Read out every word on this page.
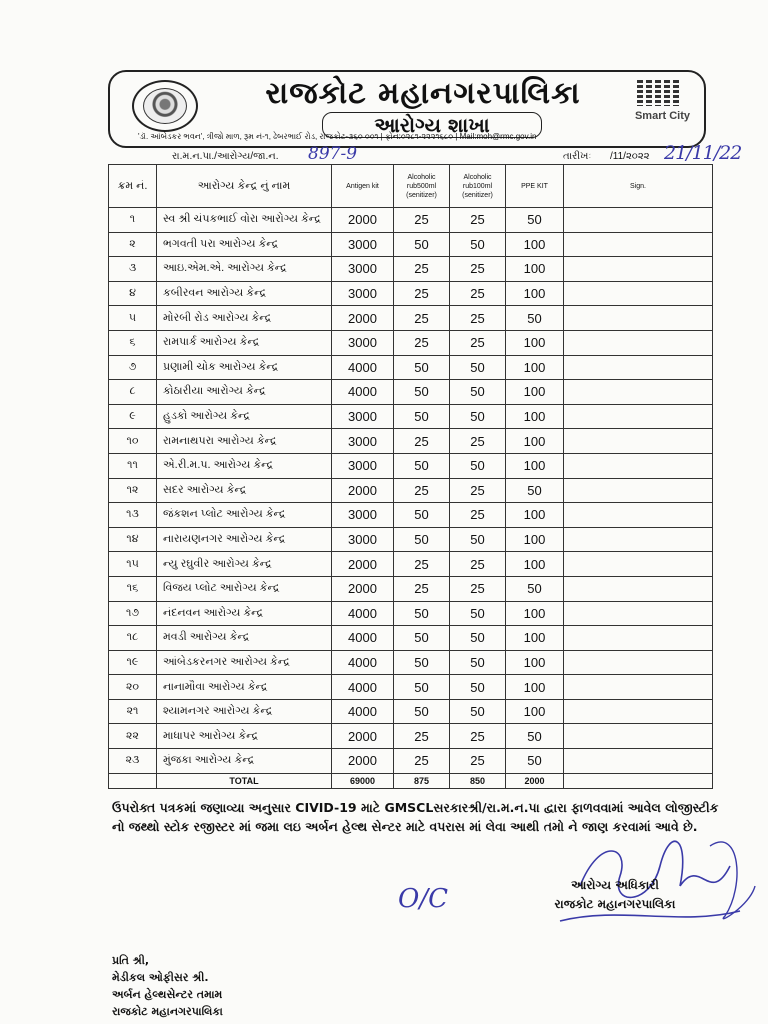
રાજકોટ મહાનગરપાલિકા
આરોગ્ય શાખા	Smart City
'ડૉ. આંબેડકર ભવન', ત્રીજો માળ, રૂમ નં-૧, ઢેબરભાઈ રોડ, રાજકોટ-૩૬૦ ૦૦૧ | ફોન:૦૨૮૧-૨૨૨૧૬૮૦ | Mail:moh@rmc.gov.in
રા.મ.ન.પા./આરોગ્ય/જા.ન. 897-9	તારીખઃ /11/૨૦૨૨ 21/11/22
ક્રમ નં.	આરોગ્ય કેન્દ્ર નું નામ	Antigen kit	Alcoholic rub500ml (senitizer)	Alcoholic rub100ml (senitizer)	PPE KIT	Sign.
૧	સ્વ શ્રી ચંપકભાઈ વોરા આરોગ્ય કેન્દ્ર	2000	25	25	50	
૨	ભગવતી પરા આરોગ્ય કેન્દ્ર	3000	50	50	100	
૩	આઇ.એમ.એ. આરોગ્ય કેન્દ્ર	3000	25	25	100	
૪	કબીરવન આરોગ્ય કેન્દ્ર	3000	25	25	100	
૫	મોરબી રોડ આરોગ્ય કેન્દ્ર	2000	25	25	50	
૬	રામપાર્ક આરોગ્ય કેન્દ્ર	3000	25	25	100	
૭	પ્રણામી ચોક આરોગ્ય કેન્દ્ર	4000	50	50	100	
૮	કોઠારીયા આરોગ્ય કેન્દ્ર	4000	50	50	100	
૯	હુડકો આરોગ્ય કેન્દ્ર	3000	50	50	100	
૧૦	રામનાથપરા આરોગ્ય કેન્દ્ર	3000	25	25	100	
૧૧	એ.રી.મ.પ. આરોગ્ય કેન્દ્ર	3000	50	50	100	
૧૨	સદર આરોગ્ય કેન્દ્ર	2000	25	25	50	
૧૩	જંકશન પ્લોટ આરોગ્ય કેન્દ્ર	3000	50	25	100	
૧૪	નારાયણનગર આરોગ્ય કેન્દ્ર	3000	50	50	100	
૧૫	ન્યુ રઘુવીર આરોગ્ય કેન્દ્ર	2000	25	25	100	
૧૬	વિજય પ્લોટ આરોગ્ય કેન્દ્ર	2000	25	25	50	
૧૭	નંદનવન આરોગ્ય કેન્દ્ર	4000	50	50	100	
૧૮	મવડી આરોગ્ય કેન્દ્ર	4000	50	50	100	
૧૯	આંબેડકરનગર આરોગ્ય કેન્દ્ર	4000	50	50	100	
૨૦	નાનામૌવા આરોગ્ય કેન્દ્ર	4000	50	50	100	
૨૧	શ્યામનગર આરોગ્ય કેન્દ્ર	4000	50	50	100	
૨૨	માધાપર આરોગ્ય કેન્દ્ર	2000	25	25	50	
૨૩	મુંજકા આરોગ્ય કેન્દ્ર	2000	25	25	50	
	TOTAL	69000	875	850	2000	
ઉપરોક્ત પત્રકમાં જણાવ્યા અનુસાર CIVID-19 માટે GMSCLસરકારશ્રી/રા.મ.ન.પા દ્વારા ફાળવવામાં આવેલ લોજીસ્ટીક નો જથ્થો સ્ટોક રજીસ્ટર માં જમા લઇ અર્બન હેલ્થ સેન્ટર માટે વપરાસ માં લેવા આથી તમો ને જાણ કરવામાં આવે છે.
O/C	આરોગ્ય અધિકારી
રાજકોટ મહાનગરપાલિકા
પ્રતિ શ્રી,
મેડીકલ ઓફીસર શ્રી.
અર્બન હેલ્થસેન્ટર તમામ
રાજકોટ મહાનગરપાલિકા
